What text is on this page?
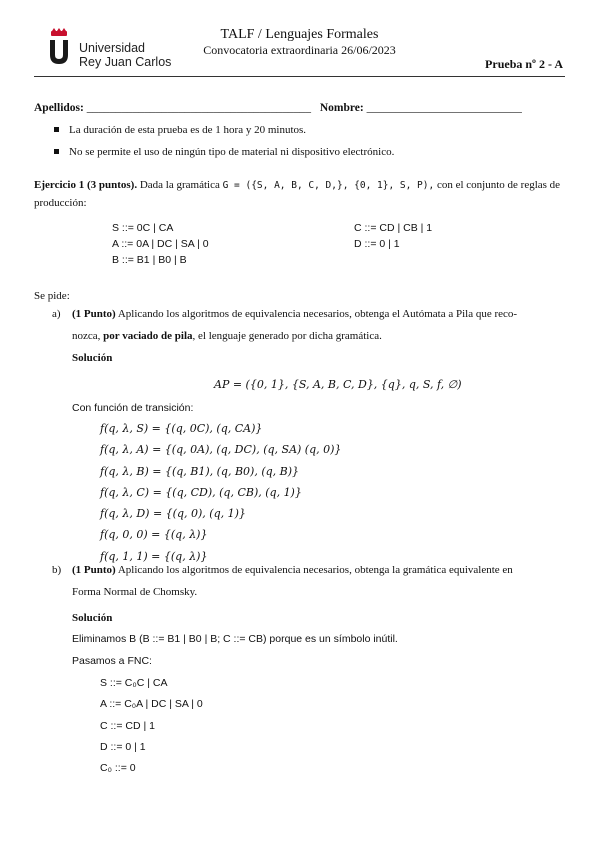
Universidad
Rey Juan Carlos
TALF / Lenguajes Formales
Convocatoria extraordinaria 26/06/2023
Prueba nº 2 - A
Apellidos: _______________________________________ Nombre: ___________________________
La duración de esta prueba es de 1 hora y 20 minutos.
No se permite el uso de ningún tipo de material ni dispositivo electrónico.
Ejercicio 1 (3 puntos). Dada la gramática G = ({S, A, B, C, D,}, {0, 1}, S, P), con el conjunto de reglas de
producción:
S ::= 0C | CA
A ::= 0A | DC | SA | 0
B ::= B1 | B0 | B
C ::= CD | CB | 1
D ::= 0 | 1
Se pide:
a) (1 Punto) Aplicando los algoritmos de equivalencia necesarios, obtenga el Autómata a Pila que reco-
nozca, por vaciado de pila, el lenguaje generado por dicha gramática.
Solución
AP = ({0, 1}, {S, A, B, C, D}, {q}, q, S, f, ∅)
Con función de transición:
f(q, λ, S) = {(q, 0C), (q, CA)}
f(q, λ, A) = {(q, 0A), (q, DC), (q, SA) (q, 0)}
f(q, λ, B) = {(q, B1), (q, B0), (q, B)}
f(q, λ, C) = {(q, CD), (q, CB), (q, 1)}
f(q, λ, D) = {(q, 0), (q, 1)}
f(q, 0, 0) = {(q, λ)}
f(q, 1, 1) = {(q, λ)}
b) (1 Punto) Aplicando los algoritmos de equivalencia necesarios, obtenga la gramática equivalente en
Forma Normal de Chomsky.
Solución
Eliminamos B (B ::= B1 | B0 | B; C ::= CB) porque es un símbolo inútil.
Pasamos a FNC:
S ::= C₀C | CA
A ::= C₀A | DC | SA | 0
C ::= CD | 1
D ::= 0 | 1
C₀ ::= 0
